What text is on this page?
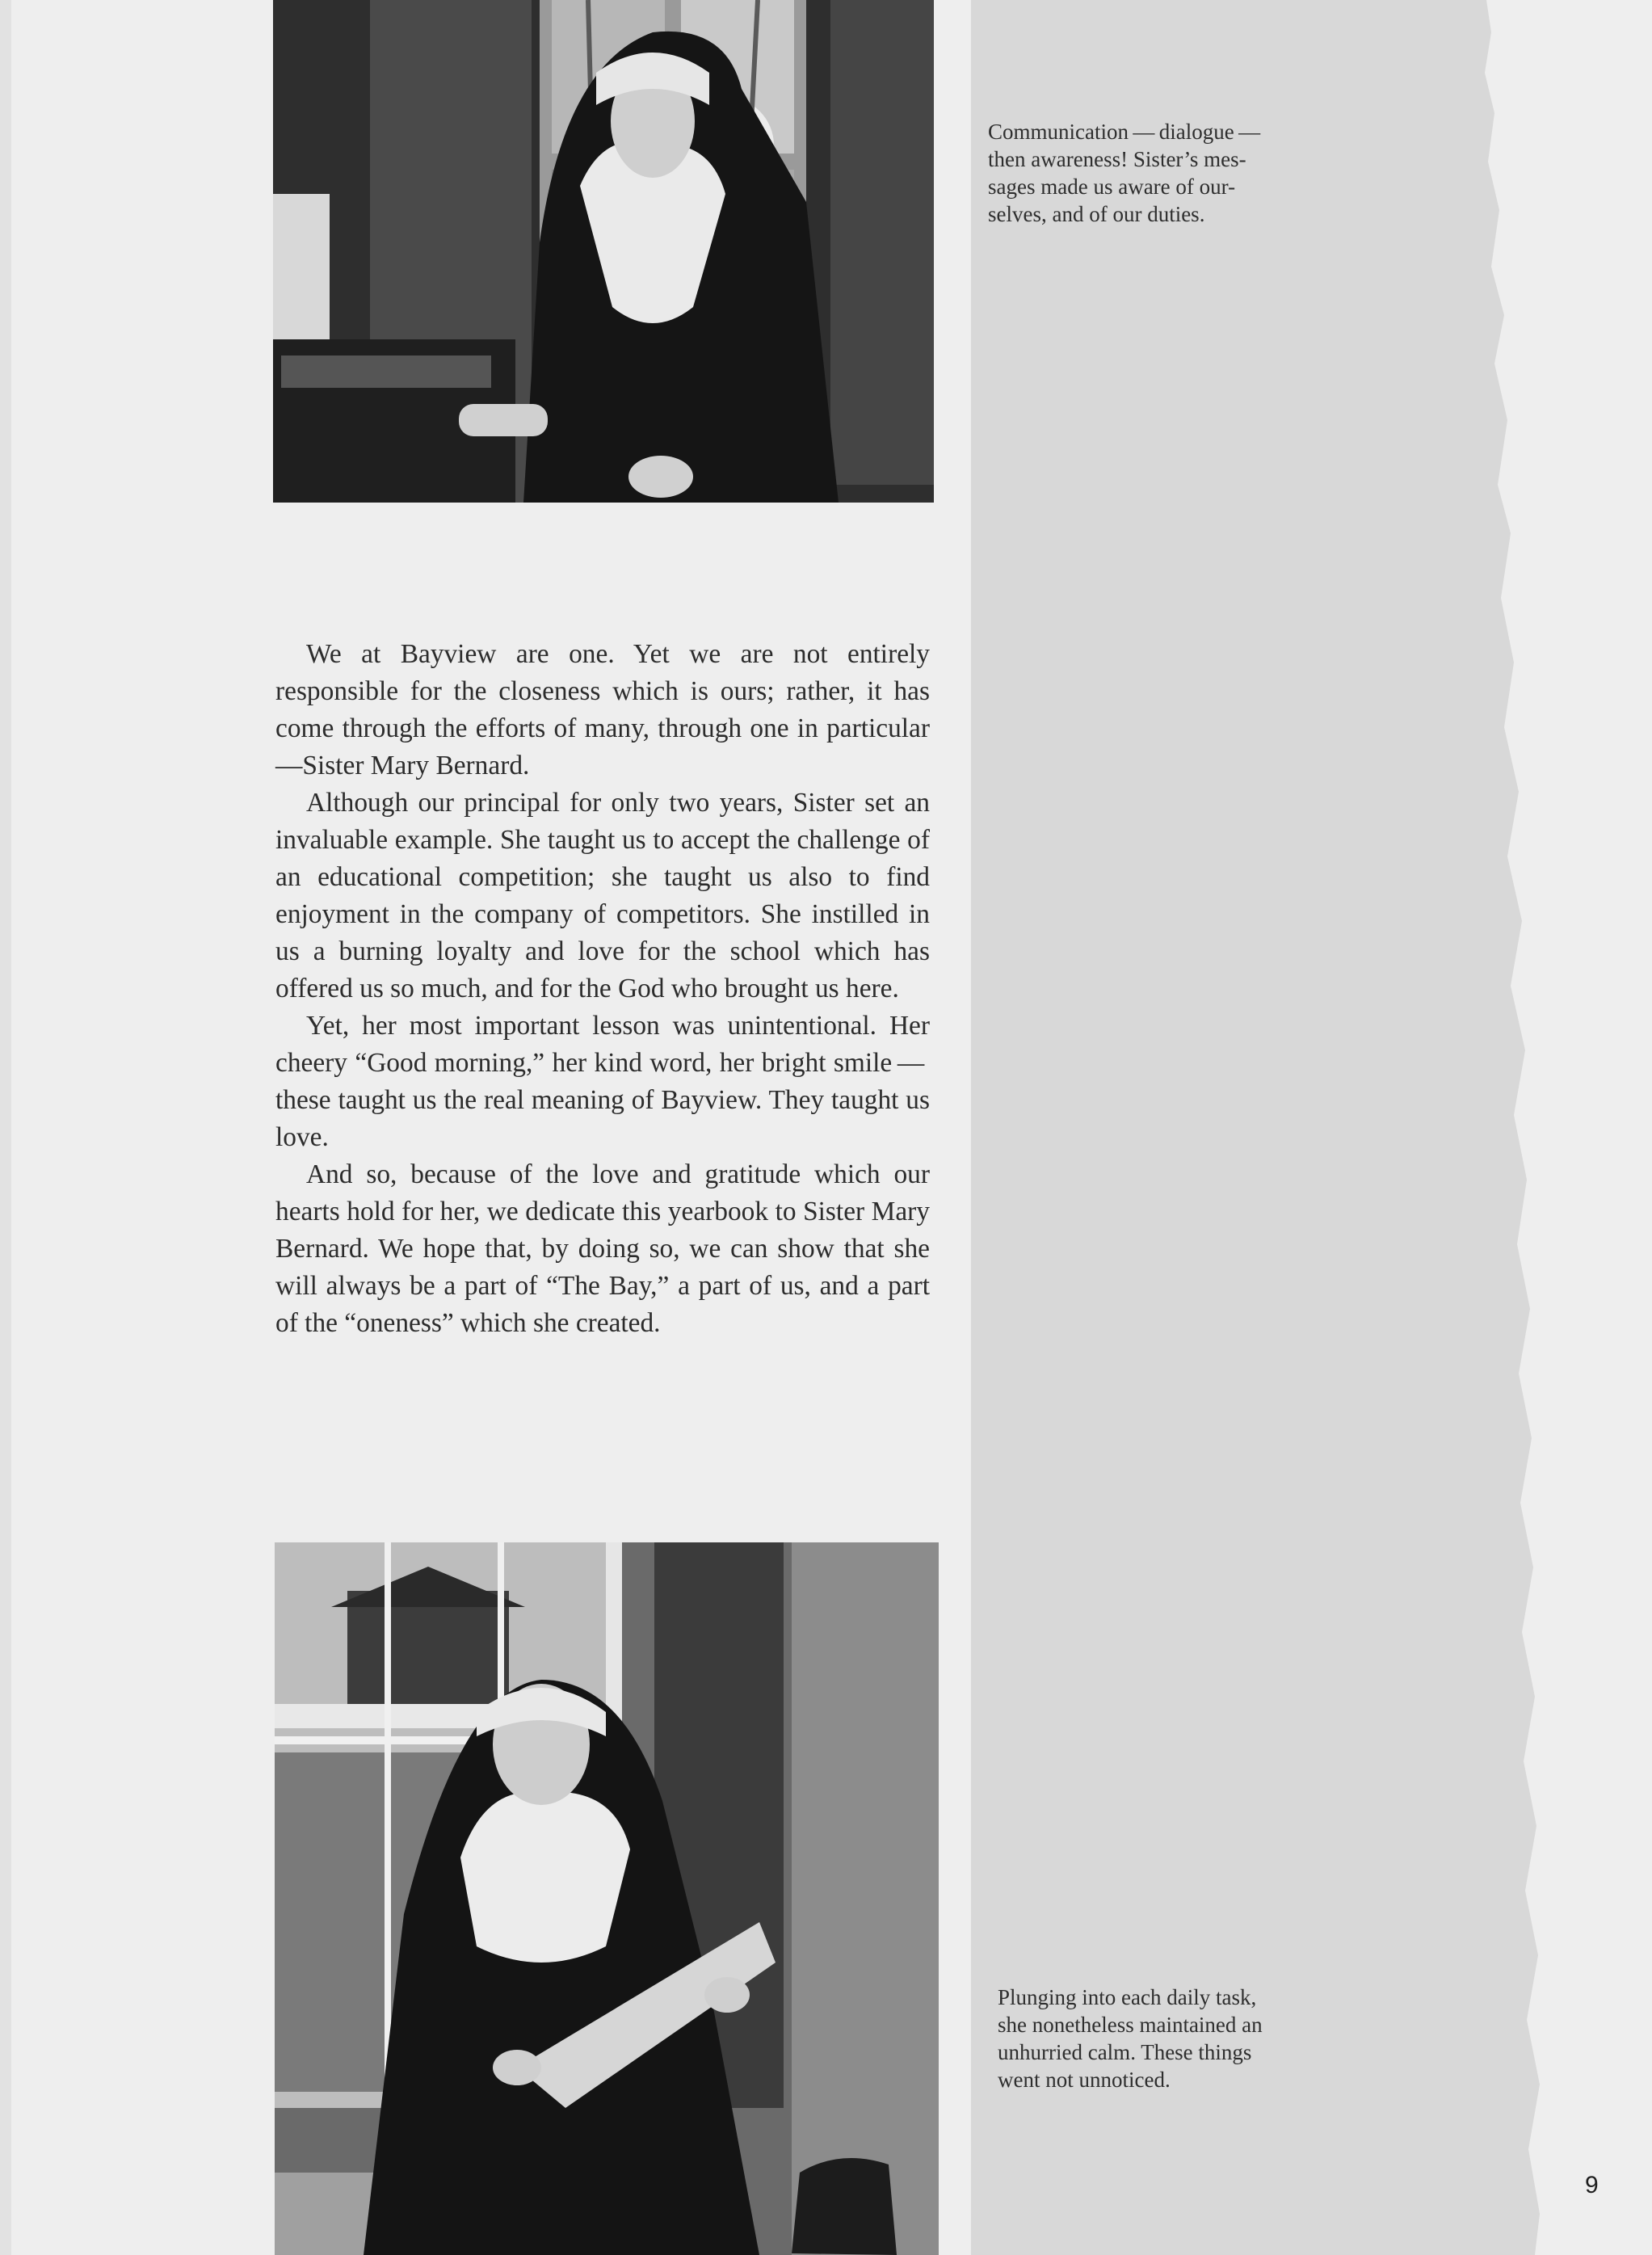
Communication — dialogue —
then awareness! Sister’s mes-
sages made us aware of our-
selves, and of our duties.

We at Bayview are one. Yet we are not entirely responsible for the closeness which is ours; rather, it has come through the efforts of many, through one in particular—Sister Mary Bernard.

Although our principal for only two years, Sister set an invaluable example. She taught us to accept the challenge of an educational competition; she taught us also to find enjoyment in the company of competitors. She instilled in us a burning loyalty and love for the school which has offered us so much, and for the God who brought us here.

Yet, her most important lesson was unintentional. Her cheery “Good morning,” her kind word, her bright smile — these taught us the real meaning of Bayview. They taught us love.

And so, because of the love and gratitude which our hearts hold for her, we dedicate this yearbook to Sister Mary Bernard. We hope that, by doing so, we can show that she will always be a part of “The Bay,” a part of us, and a part of the “oneness” which she created.

Plunging into each daily task,
she nonetheless maintained an
unhurried calm. These things
went not unnoticed.
9
